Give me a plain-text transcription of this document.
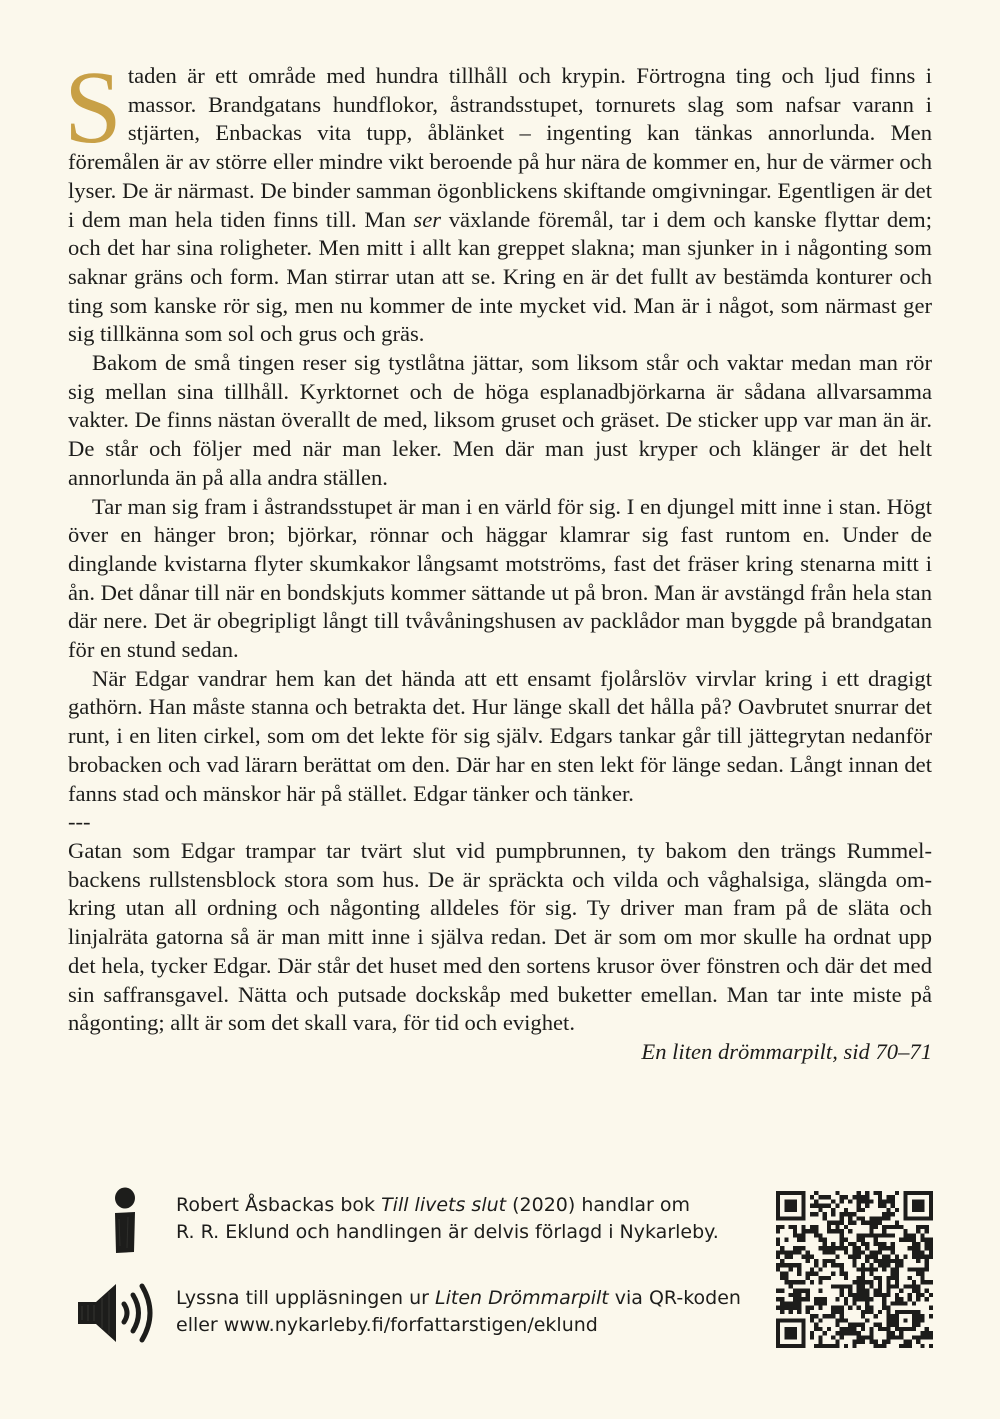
Staden är ett område med hundra tillhåll och krypin. Förtrogna ting och ljud finns i massor. Brandgatans hundflokor, åstrandsstupet, tornurets slag som nafsar varann i stjärten, Enbackas vita tupp, åblänket – ingenting kan tänkas annorlunda. Men föremålen är av större eller mindre vikt beroende på hur nära de kommer en, hur de värmer och lyser. De är närmast. De binder samman ögonblickens skiftande omgivningar. Egentligen är det i dem man hela tiden finns till. Man ser växlande föremål, tar i dem och kanske flyttar dem; och det har sina roligheter. Men mitt i allt kan greppet slakna; man sjunker in i någonting som saknar gräns och form. Man stirrar utan att se. Kring en är det fullt av bestämda konturer och ting som kanske rör sig, men nu kommer de inte mycket vid. Man är i något, som närmast ger sig tillkänna som sol och grus och gräs.

Bakom de små tingen reser sig tystlåtna jättar, som liksom står och vaktar medan man rör sig mellan sina tillhåll. Kyrktornet och de höga esplanadbjörkarna är sådana allvarsamma vakter. De finns nästan överallt de med, liksom gruset och gräset. De sticker upp var man än är. De står och följer med när man leker. Men där man just kryper och klänger är det helt annorlunda än på alla andra ställen.

Tar man sig fram i åstrandsstupet är man i en värld för sig. I en djungel mitt inne i stan. Högt över en hänger bron; björkar, rönnar och häggar klamrar sig fast runtom en. Under de dinglande kvistarna flyter skumkakor långsamt motströms, fast det fräser kring stenarna mitt i ån. Det dånar till när en bondskjuts kommer sättande ut på bron. Man är avstängd från hela stan där nere. Det är obegripligt långt till tvåvåningshusen av packlådor man byggde på brandgatan för en stund sedan.

När Edgar vandrar hem kan det hända att ett ensamt fjolårslöv virvlar kring i ett dragigt gathörn. Han måste stanna och betrakta det. Hur länge skall det hålla på? Oavbrutet snurrar det runt, i en liten cirkel, som om det lekte för sig själv. Edgars tankar går till jättegrytan nedanför brobacken och vad lärarn berättat om den. Där har en sten lekt för länge sedan. Långt innan det fanns stad och mänskor här på stället. Edgar tänker och tänker.

---

Gatan som Edgar trampar tar tvärt slut vid pumpbrunnen, ty bakom den trängs Rummelbackens rullstensblock stora som hus. De är spräckta och vilda och våghalsiga, slängda omkring utan all ordning och någonting alldeles för sig. Ty driver man fram på de släta och linjalräta gatorna så är man mitt inne i själva redan. Det är som om mor skulle ha ordnat upp det hela, tycker Edgar. Där står det huset med den sortens krusor över fönstren och där det med sin saffransgavel. Nätta och putsade dockskåp med buketter emellan. Man tar inte miste på någonting; allt är som det skall vara, för tid och evighet.

En liten drömmarpilt, sid 70–71

Robert Åsbackas bok Till livets slut (2020) handlar om
R. R. Eklund och handlingen är delvis förlagd i Nykarleby.

Lyssna till uppläsningen ur Liten Drömmarpilt via QR-koden
eller www.nykarleby.fi/forfattarstigen/eklund
